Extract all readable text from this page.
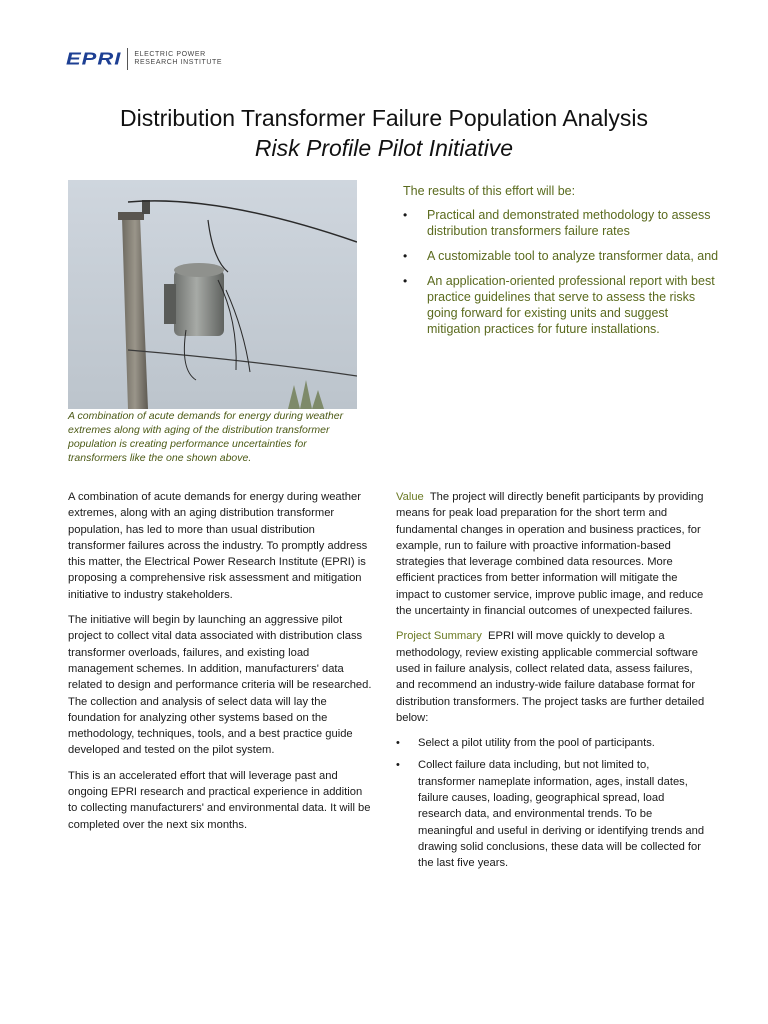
EPRI ELECTRIC POWER
RESEARCH INSTITUTE
Distribution Transformer Failure Population Analysis
Risk Profile Pilot Initiative
A combination of acute demands for energy during weather extremes along with aging of the distribution transformer population is creating performance uncertainties for transformers like the one shown above.
The results of this effort will be:
• Practical and demonstrated methodology to assess distribution transformers failure rates
• A customizable tool to analyze transformer data, and
• An application-oriented professional report with best practice guidelines that serve to assess the risks going forward for existing units and suggest mitigation practices for future installations.

A combination of acute demands for energy during weather extremes, along with an aging distribution transformer population, has led to more than usual distribution transformer failures across the industry. To promptly address this matter, the Electrical Power Research Institute (EPRI) is proposing a comprehensive risk assessment and mitigation initiative to industry stakeholders.

The initiative will begin by launching an aggressive pilot project to collect vital data associated with distribution class transformer overloads, failures, and existing load management schemes. In addition, manufacturers' data related to design and performance criteria will be researched. The collection and analysis of select data will lay the foundation for analyzing other systems based on the methodology, techniques, tools, and a best practice guide developed and tested on the pilot system.

This is an accelerated effort that will leverage past and ongoing EPRI research and practical experience in addition to collecting manufacturers' and environmental data. It will be completed over the next six months.

Value The project will directly benefit participants by providing means for peak load preparation for the short term and fundamental changes in operation and business practices, for example, run to failure with proactive information-based strategies that leverage combined data resources. More efficient practices from better information will mitigate the impact to customer service, improve public image, and reduce the uncertainty in financial outcomes of unexpected failures.

Project Summary EPRI will move quickly to develop a methodology, review existing applicable commercial software used in failure analysis, collect related data, assess failures, and recommend an industry-wide failure database format for distribution transformers. The project tasks are further detailed below:

• Select a pilot utility from the pool of participants.
• Collect failure data including, but not limited to, transformer nameplate information, ages, install dates, failure causes, loading, geographical spread, load research data, and environmental trends. To be meaningful and useful in deriving or identifying trends and drawing solid conclusions, these data will be collected for the last five years.
